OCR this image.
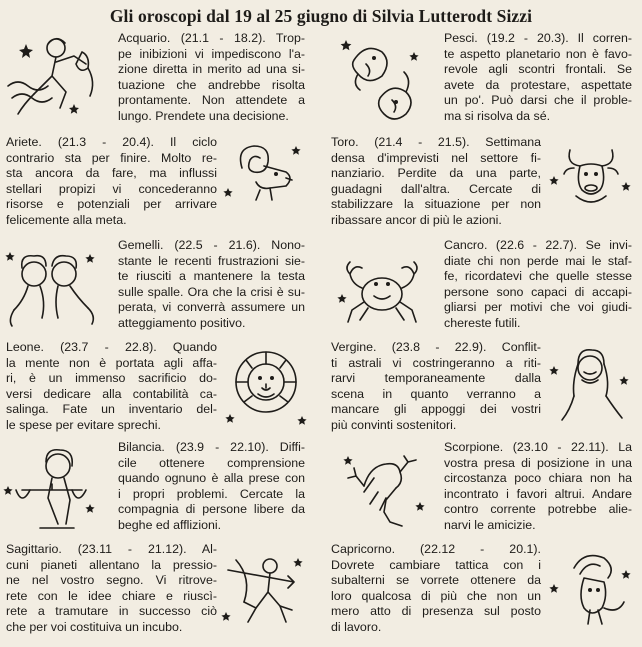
Gli oroscopi dal 19 al 25 giugno di Silvia Lutterodt Sizzi
Acquario. (21.1 - 18.2). Trop-
pe inibizioni vi impediscono l'a-
zione diretta in merito ad una si-
tuazione che andrebbe risolta
prontamente. Non attendete a
lungo. Prendete una decisione.
Pesci. (19.2 - 20.3). Il corren-
te aspetto planetario non è favo-
revole agli scontri frontali. Se
avete da protestare, aspettate
un po'. Può darsi che il proble-
ma si risolva da sé.
Ariete. (21.3 - 20.4). Il ciclo
contrario sta per finire. Molto re-
sta ancora da fare, ma influssi
stellari propizi vi concederanno
risorse e potenziali per arrivare
felicemente alla meta.
Toro. (21.4 - 21.5). Settimana
densa d'imprevisti nel settore fi-
nanziario. Perdite da una parte,
guadagni dall'altra. Cercate di
stabilizzare la situazione per non
ribassare ancor di più le azioni.
Gemelli. (22.5 - 21.6). Nono-
stante le recenti frustrazioni sie-
te riusciti a mantenere la testa
sulle spalle. Ora che la crisi è su-
perata, vi converrà assumere un
atteggiamento positivo.
Cancro. (22.6 - 22.7). Se invi-
diate chi non perde mai le staf-
fe, ricordatevi che quelle stesse
persone sono capaci di accapi-
gliarsi per motivi che voi giudi-
chereste futili.
Leone. (23.7 - 22.8). Quando
la mente non è portata agli affa-
ri, è un immenso sacrificio do-
versi dedicare alla contabilità ca-
salinga. Fate un inventario del-
le spese per evitare sprechi.
Vergine. (23.8 - 22.9). Conflit-
ti astrali vi costringeranno a riti-
rarvi temporaneamente dalla
scena in quanto verranno a
mancare gli appoggi dei vostri
più convinti sostenitori.
Bilancia. (23.9 - 22.10). Diffi-
cile ottenere comprensione
quando ognuno è alla prese con
i propri problemi. Cercate la
compagnia di persone libere da
beghe ed afflizioni.
Scorpione. (23.10 - 22.11). La
vostra presa di posizione in una
circostanza poco chiara non ha
incontrato i favori altrui. Andare
contro corrente potrebbe alie-
narvi le amicizie.
Sagittario. (23.11 - 21.12). Al-
cuni pianeti allentano la pressio-
ne nel vostro segno. Vi ritrove-
rete con le idee chiare e riuscì-
rete a tramutare in successo ciò
che per voi costituiva un incubo.
Capricorno. (22.12 - 20.1).
Dovrete cambiare tattica con i
subalterni se vorrete ottenere da
loro qualcosa di più che non un
mero atto di presenza sul posto
di lavoro.
